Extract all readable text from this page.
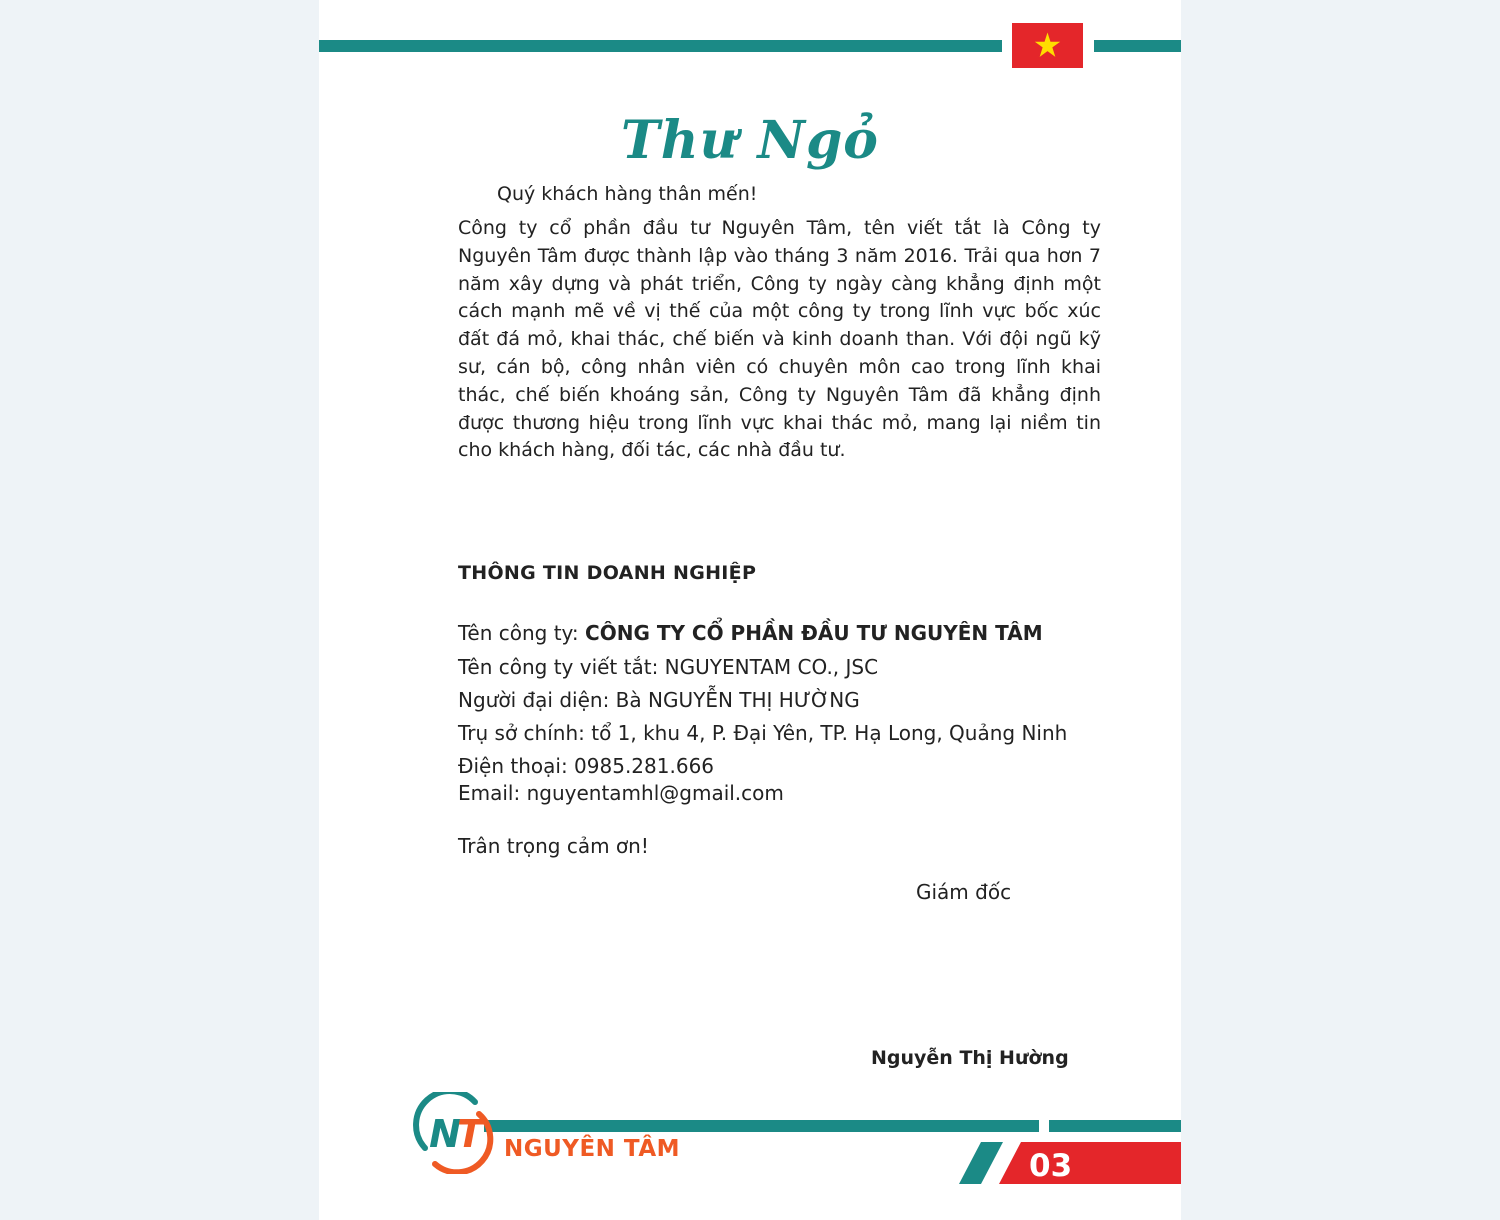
Thư Ngỏ
Quý khách hàng thân mến!

Công ty cổ phần đầu tư Nguyên Tâm, tên viết tắt là Công ty Nguyên Tâm được thành lập vào tháng 3 năm 2016. Trải qua hơn 7 năm xây dựng và phát triển, Công ty ngày càng khẳng định một cách mạnh mẽ về vị thế của một công ty trong lĩnh vực bốc xúc đất đá mỏ, khai thác, chế biến và kinh doanh than. Với đội ngũ kỹ sư, cán bộ, công nhân viên có chuyên môn cao trong lĩnh khai thác, chế biến khoáng sản, Công ty Nguyên Tâm đã khẳng định được thương hiệu trong lĩnh vực khai thác mỏ, mang lại niềm tin cho khách hàng, đối tác, các nhà đầu tư.

THÔNG TIN DOANH NGHIỆP
Tên công ty: CÔNG TY CỔ PHẦN ĐẦU TƯ NGUYÊN TÂM
Tên công ty viết tắt: NGUYENTAM CO., JSC
Người đại diện: Bà NGUYỄN THỊ HƯỜNG
Trụ sở chính: tổ 1, khu 4, P. Đại Yên, TP. Hạ Long, Quảng Ninh
Điện thoại: 0985.281.666
Email: nguyentamhl@gmail.com
Trân trọng cảm ơn!
Giám đốc
Nguyễn Thị Hường
NT	NGUYÊN TÂM	03
